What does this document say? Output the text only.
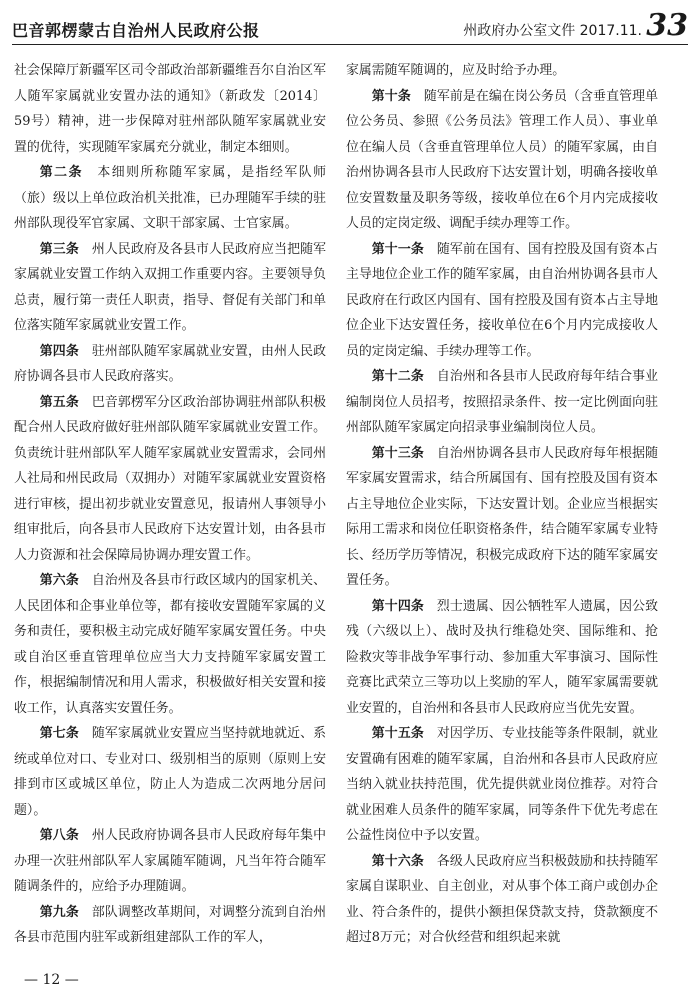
巴音郭楞蒙古自治州人民政府公报	州政府办公室文件 2017.11. 33

社会保障厅新疆军区司令部政治部新疆维吾尔自治区军人随军家属就业安置办法的通知》（新政发〔2014〕59号）精神，进一步保障对驻州部队随军家属就业安置的优待，实现随军家属充分就业，制定本细则。

第二条　 本细则所称随军家属，是指经军队师（旅）级以上单位政治机关批准，已办理随军手续的驻州部队现役军官家属、文职干部家属、士官家属。

第三条　 州人民政府及各县市人民政府应当把随军家属就业安置工作纳入双拥工作重要内容。主要领导负总责，履行第一责任人职责，指导、督促有关部门和单位落实随军家属就业安置工作。

第四条　 驻州部队随军家属就业安置，由州人民政府协调各县市人民政府落实。

第五条　 巴音郭楞军分区政治部协调驻州部队积极配合州人民政府做好驻州部队随军家属就业安置工作。负责统计驻州部队军人随军家属就业安置需求，会同州人社局和州民政局（双拥办）对随军家属就业安置资格进行审核，提出初步就业安置意见，报请州人事领导小组审批后，向各县市人民政府下达安置计划，由各县市人力资源和社会保障局协调办理安置工作。

第六条　 自治州及各县市行政区域内的国家机关、人民团体和企事业单位等，都有接收安置随军家属的义务和责任，要积极主动完成好随军家属安置任务。中央或自治区垂直管理单位应当大力支持随军家属安置工作，根据编制情况和用人需求，积极做好相关安置和接收工作，认真落实安置任务。

第七条　 随军家属就业安置应当坚持就地就近、系统或单位对口、专业对口、级别相当的原则（原则上安排到市区或城区单位，防止人为造成二次两地分居问题）。

第八条　 州人民政府协调各县市人民政府每年集中办理一次驻州部队军人家属随军随调，凡当年符合随军随调条件的，应给予办理随调。

第九条　 部队调整改革期间，对调整分流到自治州各县市范围内驻军或新组建部队工作的军人，

家属需随军随调的，应及时给予办理。

第十条　 随军前是在编在岗公务员（含垂直管理单位公务员、参照《公务员法》管理工作人员）、事业单位在编人员（含垂直管理单位人员）的随军家属，由自治州协调各县市人民政府下达安置计划，明确各接收单位安置数量及职务等级，接收单位在6个月内完成接收人员的定岗定级、调配手续办理等工作。

第十一条　 随军前在国有、国有控股及国有资本占主导地位企业工作的随军家属，由自治州协调各县市人民政府在行政区内国有、国有控股及国有资本占主导地位企业下达安置任务，接收单位在6个月内完成接收人员的定岗定编、手续办理等工作。

第十二条　 自治州和各县市人民政府每年结合事业编制岗位人员招考，按照招录条件、按一定比例面向驻州部队随军家属定向招录事业编制岗位人员。

第十三条　 自治州协调各县市人民政府每年根据随军家属安置需求，结合所属国有、国有控股及国有资本占主导地位企业实际，下达安置计划。企业应当根据实际用工需求和岗位任职资格条件，结合随军家属专业特长、经历学历等情况，积极完成政府下达的随军家属安置任务。

第十四条　 烈士遗属、因公牺牲军人遗属，因公致残（六级以上）、战时及执行维稳处突、国际维和、抢险救灾等非战争军事行动、参加重大军事演习、国际性竞赛比武荣立三等功以上奖励的军人，随军家属需要就业安置的，自治州和各县市人民政府应当优先安置。

第十五条　 对因学历、专业技能等条件限制，就业安置确有困难的随军家属，自治州和各县市人民政府应当纳入就业扶持范围，优先提供就业岗位推荐。对符合就业困难人员条件的随军家属，同等条件下优先考虑在公益性岗位中予以安置。

第十六条　 各级人民政府应当积极鼓励和扶持随军家属自谋职业、自主创业，对从事个体工商户或创办企业、符合条件的，提供小额担保贷款支持，贷款额度不超过8万元；对合伙经营和组织起来就

— 12 —
